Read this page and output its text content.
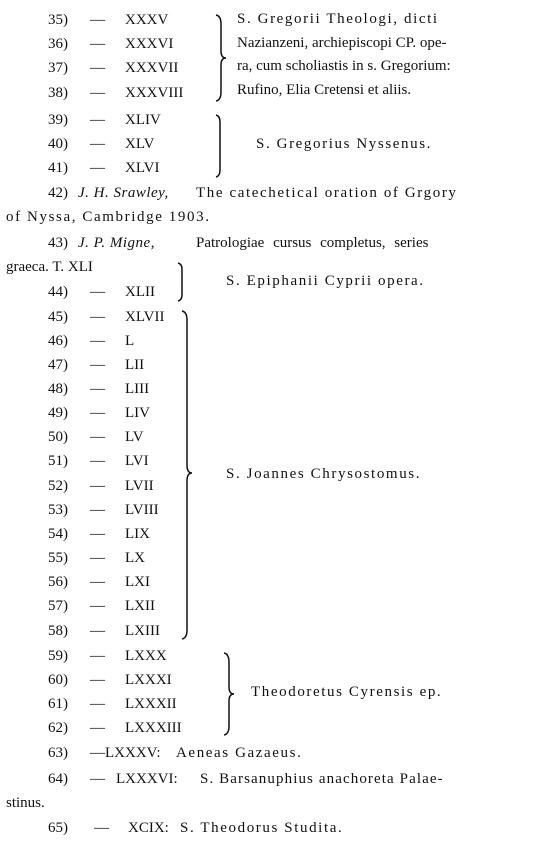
35) — XXXV
36) — XXXVI
37) — XXXVII
38) — XXXVIII
S. Gregorii Theologi, dicti
Nazianzeni, archiepiscopi CP. opе-
ra, cum scholiastis in s. Gregorium:
Rufino, Elia Cretensi et aliis.
39) — XLIV
40) — XLV
41) — XLVI
S. Gregorius Nyssenus.
42) J. H. Srawley, The catechetical oration of Grgory
of Nyssa, Cambridge 1903.
43) J. P. Migne,	Patrologiae cursus completus, series
graeca. T. XLI
44) — XLII
S. Epiphanii Cyprii opera.
45) — XLVII
46) — L
47) — LII
48) — LIII
49) — LIV
50) — LV
51) — LVI
52) — LVII
53) — LVIII
54) — LIX
55) — LX
56) — LXI
57) — LXII
58) — LXIII
S. Joannes Chrysostomus.
59) — LXXX
60) — LXXXI
61) — LXXXII
62) — LXXXIII
Theodoretus Cyrensis ep.
63) —LXXXV: Aeneas Gazaeus.
64) — LXXXVI: S. Barsanuphius anachoreta Palae-
stinus.
65) — XCIX: S. Theodorus Studita.
